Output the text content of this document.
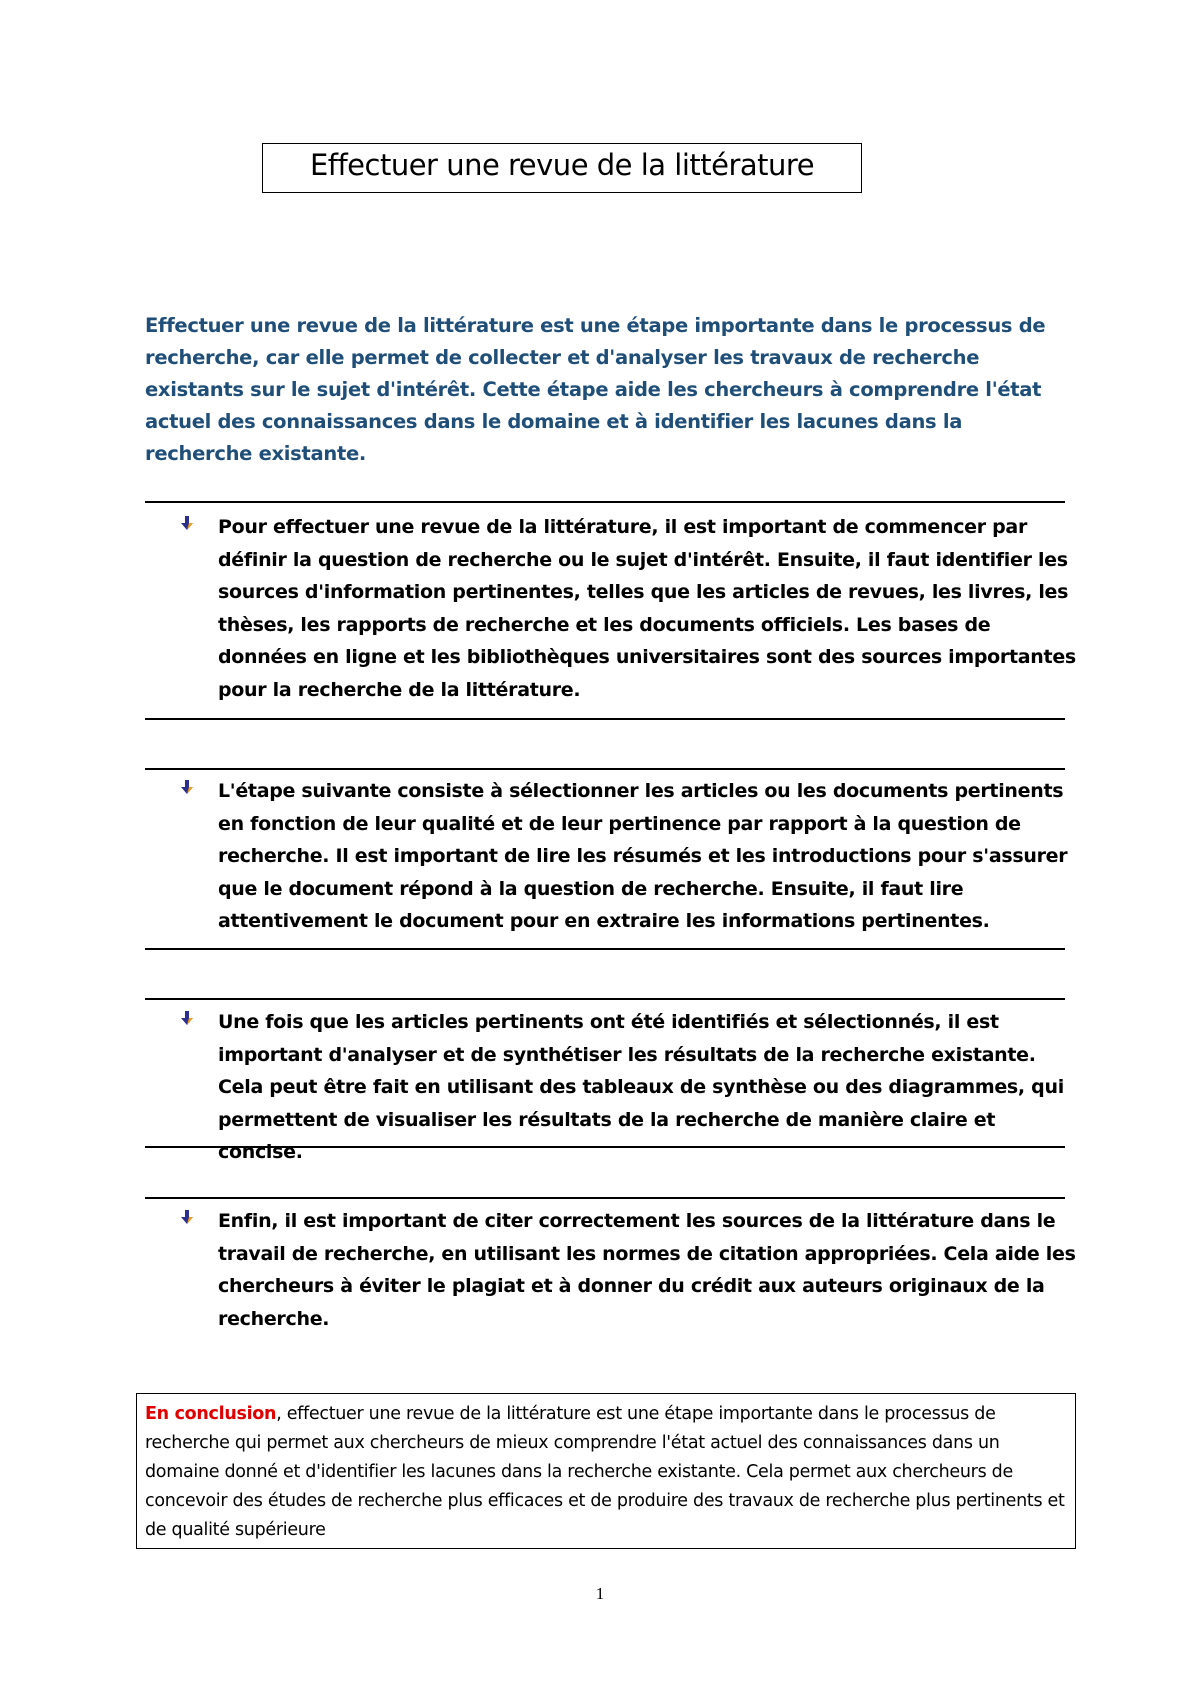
Effectuer une revue de la littérature
Effectuer une revue de la littérature est une étape importante dans le processus de recherche, car elle permet de collecter et d'analyser les travaux de recherche existants sur le sujet d'intérêt. Cette étape aide les chercheurs à comprendre l'état actuel des connaissances dans le domaine et à identifier les lacunes dans la recherche existante.
Pour effectuer une revue de la littérature, il est important de commencer par définir la question de recherche ou le sujet d'intérêt. Ensuite, il faut identifier les sources d'information pertinentes, telles que les articles de revues, les livres, les thèses, les rapports de recherche et les documents officiels. Les bases de données en ligne et les bibliothèques universitaires sont des sources importantes pour la recherche de la littérature.
L'étape suivante consiste à sélectionner les articles ou les documents pertinents en fonction de leur qualité et de leur pertinence par rapport à la question de recherche. Il est important de lire les résumés et les introductions pour s'assurer que le document répond à la question de recherche. Ensuite, il faut lire attentivement le document pour en extraire les informations pertinentes.
Une fois que les articles pertinents ont été identifiés et sélectionnés, il est important d'analyser et de synthétiser les résultats de la recherche existante. Cela peut être fait en utilisant des tableaux de synthèse ou des diagrammes, qui permettent de visualiser les résultats de la recherche de manière claire et concise.
Enfin, il est important de citer correctement les sources de la littérature dans le travail de recherche, en utilisant les normes de citation appropriées. Cela aide les chercheurs à éviter le plagiat et à donner du crédit aux auteurs originaux de la recherche.
En conclusion, effectuer une revue de la littérature est une étape importante dans le processus de recherche qui permet aux chercheurs de mieux comprendre l'état actuel des connaissances dans un domaine donné et d'identifier les lacunes dans la recherche existante. Cela permet aux chercheurs de concevoir des études de recherche plus efficaces et de produire des travaux de recherche plus pertinents et de qualité supérieure
1
